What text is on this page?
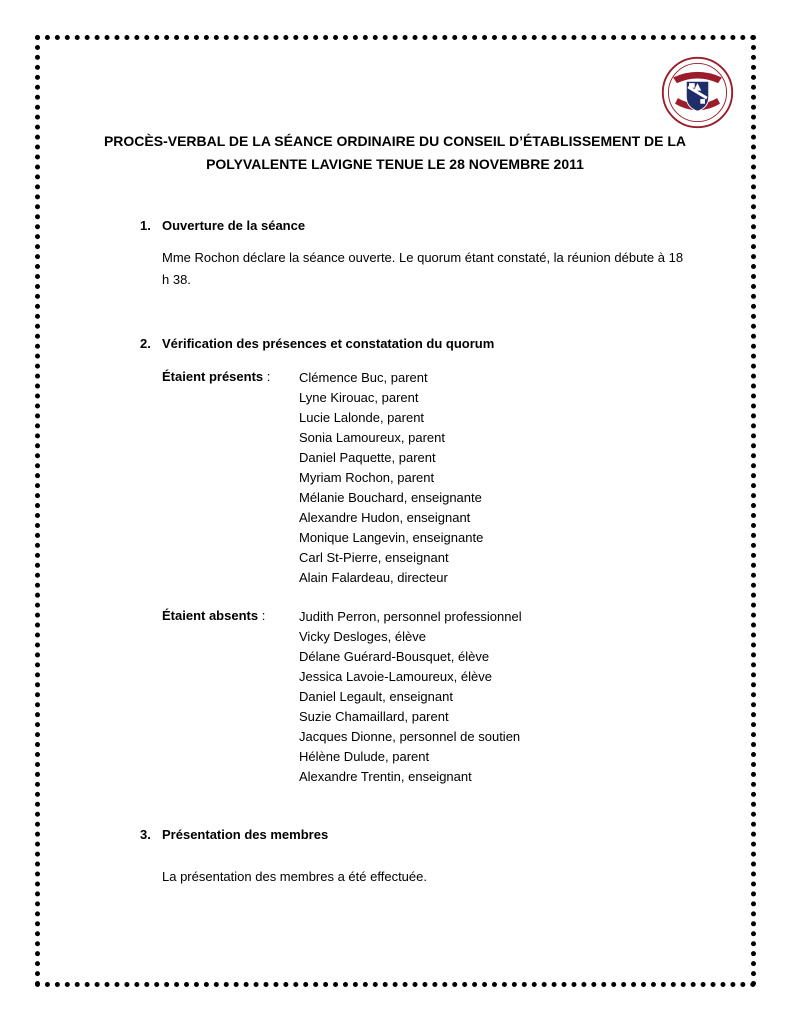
PROCÈS-VERBAL DE LA SÉANCE ORDINAIRE DU CONSEIL D’ÉTABLISSEMENT DE LA
POLYVALENTE LAVIGNE TENUE LE 28 NOVEMBRE 2011
1. Ouverture de la séance
Mme Rochon déclare la séance ouverte. Le quorum étant constaté, la réunion débute à 18 h 38.
2. Vérification des présences et constatation du quorum
Étaient présents : Clémence Buc, parent
Lyne Kirouac, parent
Lucie Lalonde, parent
Sonia Lamoureux, parent
Daniel Paquette, parent
Myriam Rochon, parent
Mélanie Bouchard, enseignante
Alexandre Hudon, enseignant
Monique Langevin, enseignante
Carl St-Pierre, enseignant
Alain Falardeau, directeur
Étaient absents :	Judith Perron, personnel professionnel
Vicky Desloges, élève
Délane Guérard-Bousquet, élève
Jessica Lavoie-Lamoureux, élève
Daniel Legault, enseignant
Suzie Chamaillard, parent
Jacques Dionne, personnel de soutien
Hélène Dulude, parent
Alexandre Trentin, enseignant
3. Présentation des membres
La présentation des membres a été effectuée.
